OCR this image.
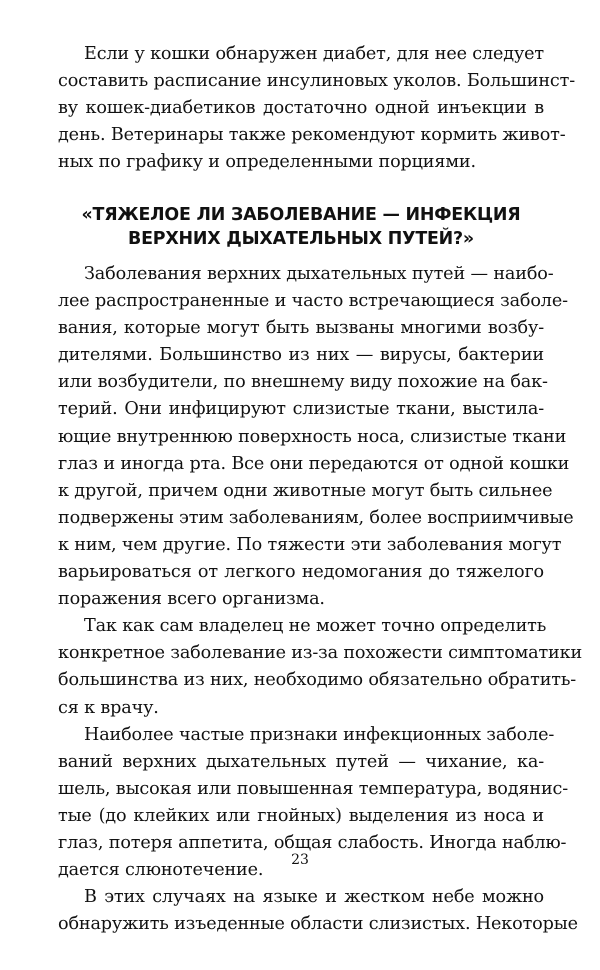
Если у кошки обнаружен диабет, для нее следует
составить расписание инсулиновых уколов. Большинст-
ву кошек-диабетиков достаточно одной инъекции в
день. Ветеринары также рекомендуют кормить живот-
ных по графику и определенными порциями.
«ТЯЖЕЛОЕ ЛИ ЗАБОЛЕВАНИЕ — ИНФЕКЦИЯ
ВЕРХНИХ ДЫХАТЕЛЬНЫХ ПУТЕЙ?»
Заболевания верхних дыхательных путей — наибо-
лее распространенные и часто встречающиеся заболе-
вания, которые могут быть вызваны многими возбу-
дителями. Большинство из них — вирусы, бактерии
или возбудители, по внешнему виду похожие на бак-
терий. Они инфицируют слизистые ткани, выстила-
ющие внутреннюю поверхность носа, слизистые ткани
глаз и иногда рта. Все они передаются от одной кошки
к другой, причем одни животные могут быть сильнее
подвержены этим заболеваниям, более восприимчивые
к ним, чем другие. По тяжести эти заболевания могут
варьироваться от легкого недомогания до тяжелого
поражения всего организма.
Так как сам владелец не может точно определить
конкретное заболевание из-за похожести симптоматики
большинства из них, необходимо обязательно обратить-
ся к врачу.
Наиболее частые признаки инфекционных заболе-
ваний верхних дыхательных путей — чихание, ка-
шель, высокая или повышенная температура, водянис-
тые (до клейких или гнойных) выделения из носа и
глаз, потеря аппетита, общая слабость. Иногда наблю-
дается слюнотечение.
В этих случаях на языке и жестком небе можно
обнаружить изъеденные области слизистых. Некоторые
23
